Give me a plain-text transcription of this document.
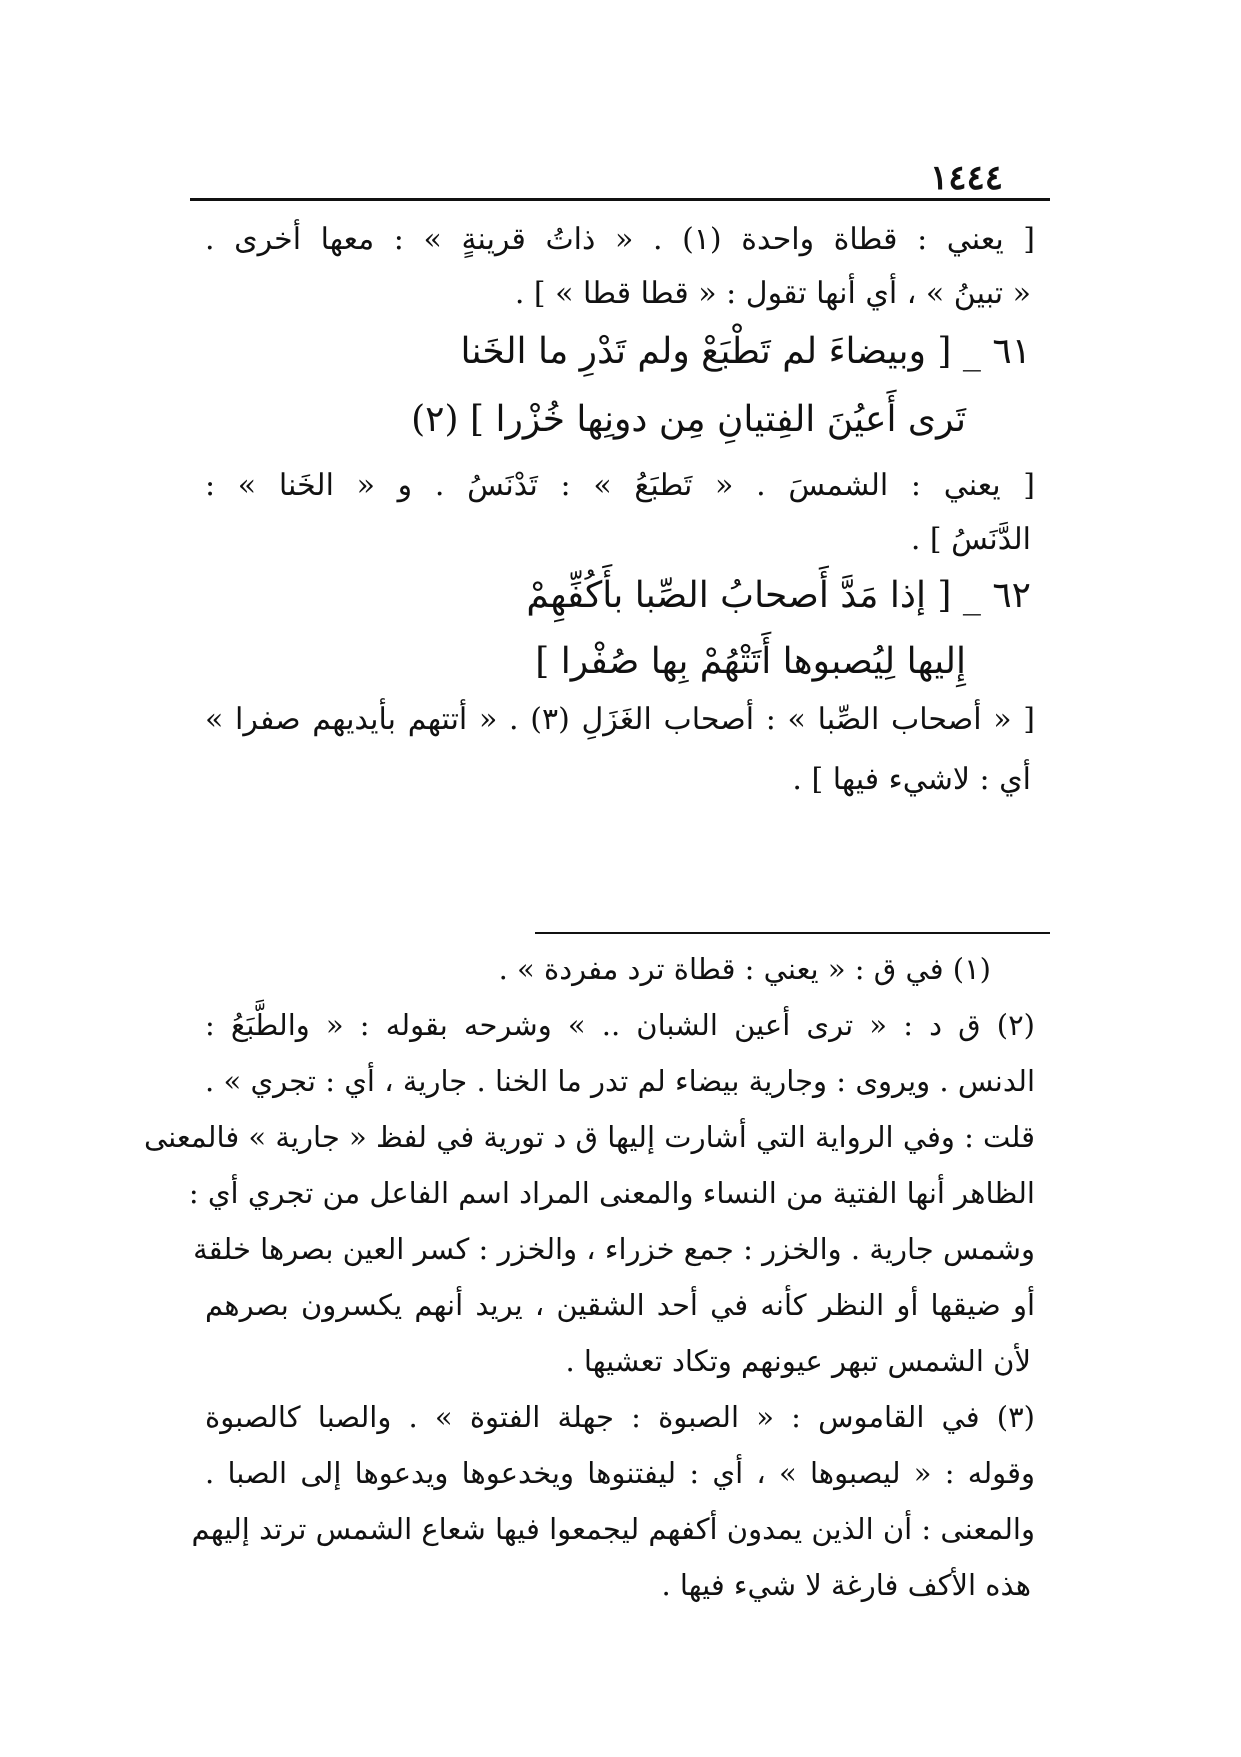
١٤٤٤
[ يعني : قطاة واحدة (١) . « ذاتُ قرينةٍ » : معها أخرى .
« تبينُ » ، أي أنها تقول : « قطا قطا » ] .
٦١ _ [ وبيضاءَ لم تَطْبَعْ ولم تَدْرِ ما الخَنا
تَرى أَعيُنَ الفِتيانِ مِن دونِها خُزْرا ] (٢)
[ يعني : الشمسَ . « تَطبَعُ » : تَدْنَسُ . و « الخَنا » :
الدَّنَسُ ] .
٦٢ _ [ إذا مَدَّ أَصحابُ الصِّبا بأَكُفِّهِمْ
إِليها لِيُصبوها أَتَتْهُمْ بِها صُفْرا ]
[ « أصحاب الصِّبا » : أصحاب الغَزَلِ (٣) . « أتتهم بأيديهم صفرا »
أي : لاشيء فيها ] .
(١) في ق : « يعني : قطاة ترد مفردة » .
(٢) ق د : « ترى أعين الشبان .. » وشرحه بقوله : « والطَّبَعُ :
الدنس . ويروى : وجارية بيضاء لم تدر ما الخنا . جارية ، أي : تجري » .
قلت : وفي الرواية التي أشارت إليها ق د تورية في لفظ « جارية » فالمعنى
الظاهر أنها الفتية من النساء والمعنى المراد اسم الفاعل من تجري أي :
وشمس جارية . والخزر : جمع خزراء ، والخزر : كسر العين بصرها خلقة
أو ضيقها أو النظر كأنه في أحد الشقين ، يريد أنهم يكسرون بصرهم
لأن الشمس تبهر عيونهم وتكاد تعشيها .
(٣) في القاموس : « الصبوة : جهلة الفتوة » . والصبا كالصبوة
وقوله : « ليصبوها » ، أي : ليفتنوها ويخدعوها ويدعوها إلى الصبا .
والمعنى : أن الذين يمدون أكفهم ليجمعوا فيها شعاع الشمس ترتد إليهم
هذه الأكف فارغة لا شيء فيها .
